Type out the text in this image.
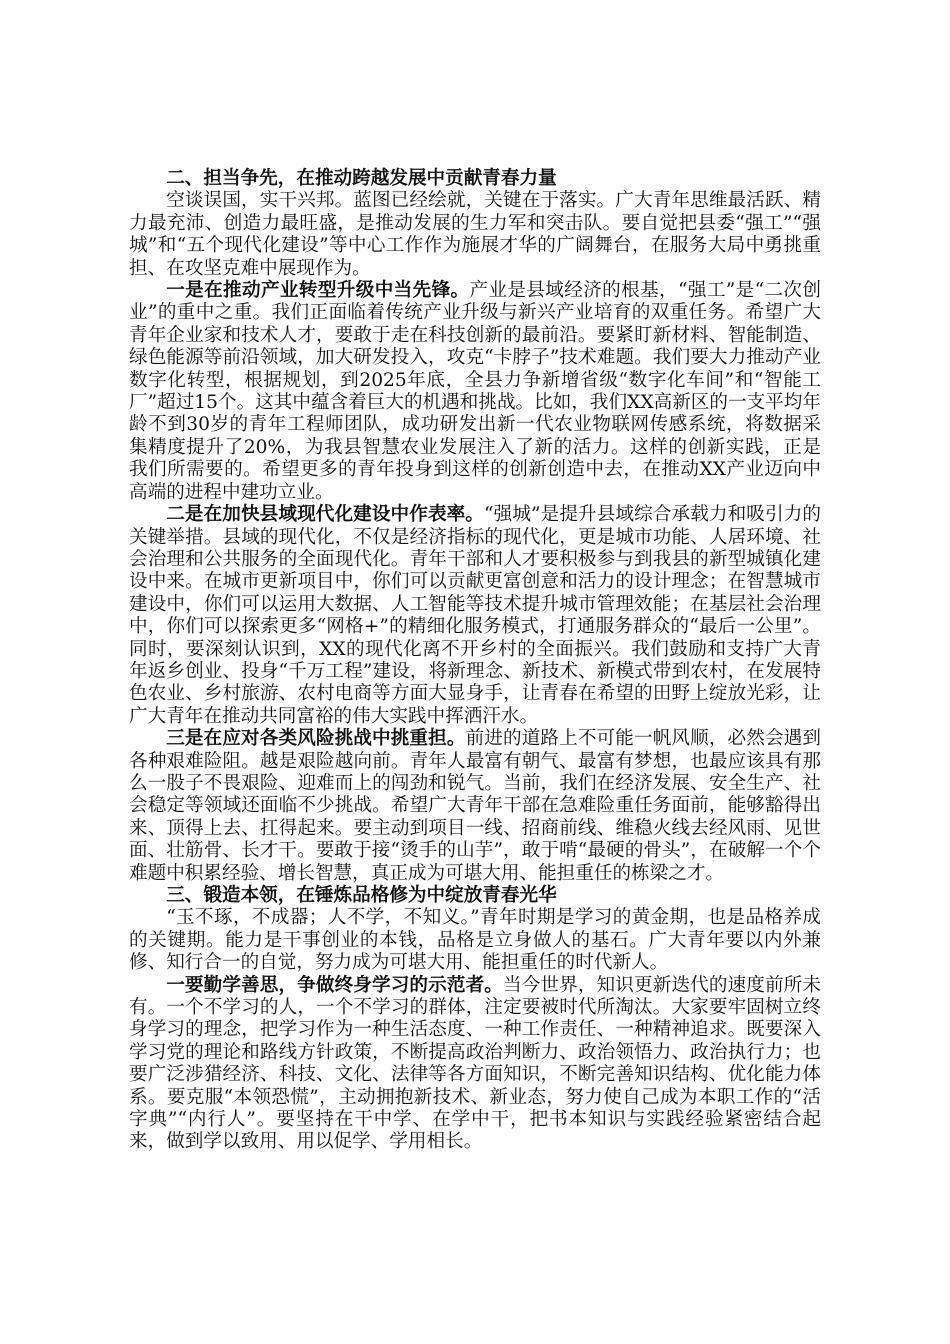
二、担当争先，在推动跨越发展中贡献青春力量

空谈误国，实干兴邦。蓝图已经绘就，关键在于落实。广大青年思维最活跃、精力最充沛、创造力最旺盛，是推动发展的生力军和突击队。要自觉把县委“强工”“强城”和“五个现代化建设”等中心工作作为施展才华的广阔舞台，在服务大局中勇挑重担、在攻坚克难中展现作为。

一是在推动产业转型升级中当先锋。产业是县域经济的根基，“强工”是“二次创业”的重中之重。我们正面临着传统产业升级与新兴产业培育的双重任务。希望广大青年企业家和技术人才，要敢于走在科技创新的最前沿。要紧盯新材料、智能制造、绿色能源等前沿领域，加大研发投入，攻克“卡脖子”技术难题。我们要大力推动产业数字化转型，根据规划，到2025年底，全县力争新增省级“数字化车间”和“智能工厂”超过15个。这其中蕴含着巨大的机遇和挑战。比如，我们XX高新区的一支平均年龄不到30岁的青年工程师团队，成功研发出新一代农业物联网传感系统，将数据采集精度提升了20%，为我县智慧农业发展注入了新的活力。这样的创新实践，正是我们所需要的。希望更多的青年投身到这样的创新创造中去，在推动XX产业迈向中高端的进程中建功立业。

二是在加快县域现代化建设中作表率。“强城”是提升县域综合承载力和吸引力的关键举措。县域的现代化，不仅是经济指标的现代化，更是城市功能、人居环境、社会治理和公共服务的全面现代化。青年干部和人才要积极参与到我县的新型城镇化建设中来。在城市更新项目中，你们可以贡献更富创意和活力的设计理念；在智慧城市建设中，你们可以运用大数据、人工智能等技术提升城市管理效能；在基层社会治理中，你们可以探索更多“网格+”的精细化服务模式，打通服务群众的“最后一公里”。同时，要深刻认识到，XX的现代化离不开乡村的全面振兴。我们鼓励和支持广大青年返乡创业、投身“千万工程”建设，将新理念、新技术、新模式带到农村，在发展特色农业、乡村旅游、农村电商等方面大显身手，让青春在希望的田野上绽放光彩，让广大青年在推动共同富裕的伟大实践中挥洒汗水。

三是在应对各类风险挑战中挑重担。前进的道路上不可能一帆风顺，必然会遇到各种艰难险阻。越是艰险越向前。青年人最富有朝气、最富有梦想，也最应该具有那么一股子不畏艰险、迎难而上的闯劲和锐气。当前，我们在经济发展、安全生产、社会稳定等领域还面临不少挑战。希望广大青年干部在急难险重任务面前，能够豁得出来、顶得上去、扛得起来。要主动到项目一线、招商前线、维稳火线去经风雨、见世面、壮筋骨、长才干。要敢于接“烫手的山芋”，敢于啃“最硬的骨头”，在破解一个个难题中积累经验、增长智慧，真正成为可堪大用、能担重任的栋梁之才。

三、锻造本领，在锤炼品格修为中绽放青春光华

“玉不琢，不成器；人不学，不知义。”青年时期是学习的黄金期，也是品格养成的关键期。能力是干事创业的本钱，品格是立身做人的基石。广大青年要以内外兼修、知行合一的自觉，努力成为可堪大用、能担重任的时代新人。

一要勤学善思，争做终身学习的示范者。当今世界，知识更新迭代的速度前所未有。一个不学习的人，一个不学习的群体，注定要被时代所淘汰。大家要牢固树立终身学习的理念，把学习作为一种生活态度、一种工作责任、一种精神追求。既要深入学习党的理论和路线方针政策，不断提高政治判断力、政治领悟力、政治执行力；也要广泛涉猎经济、科技、文化、法律等各方面知识，不断完善知识结构、优化能力体系。要克服“本领恐慌”，主动拥抱新技术、新业态，努力使自己成为本职工作的“活字典”“内行人”。要坚持在干中学、在学中干，把书本知识与实践经验紧密结合起来，做到学以致用、用以促学、学用相长。
